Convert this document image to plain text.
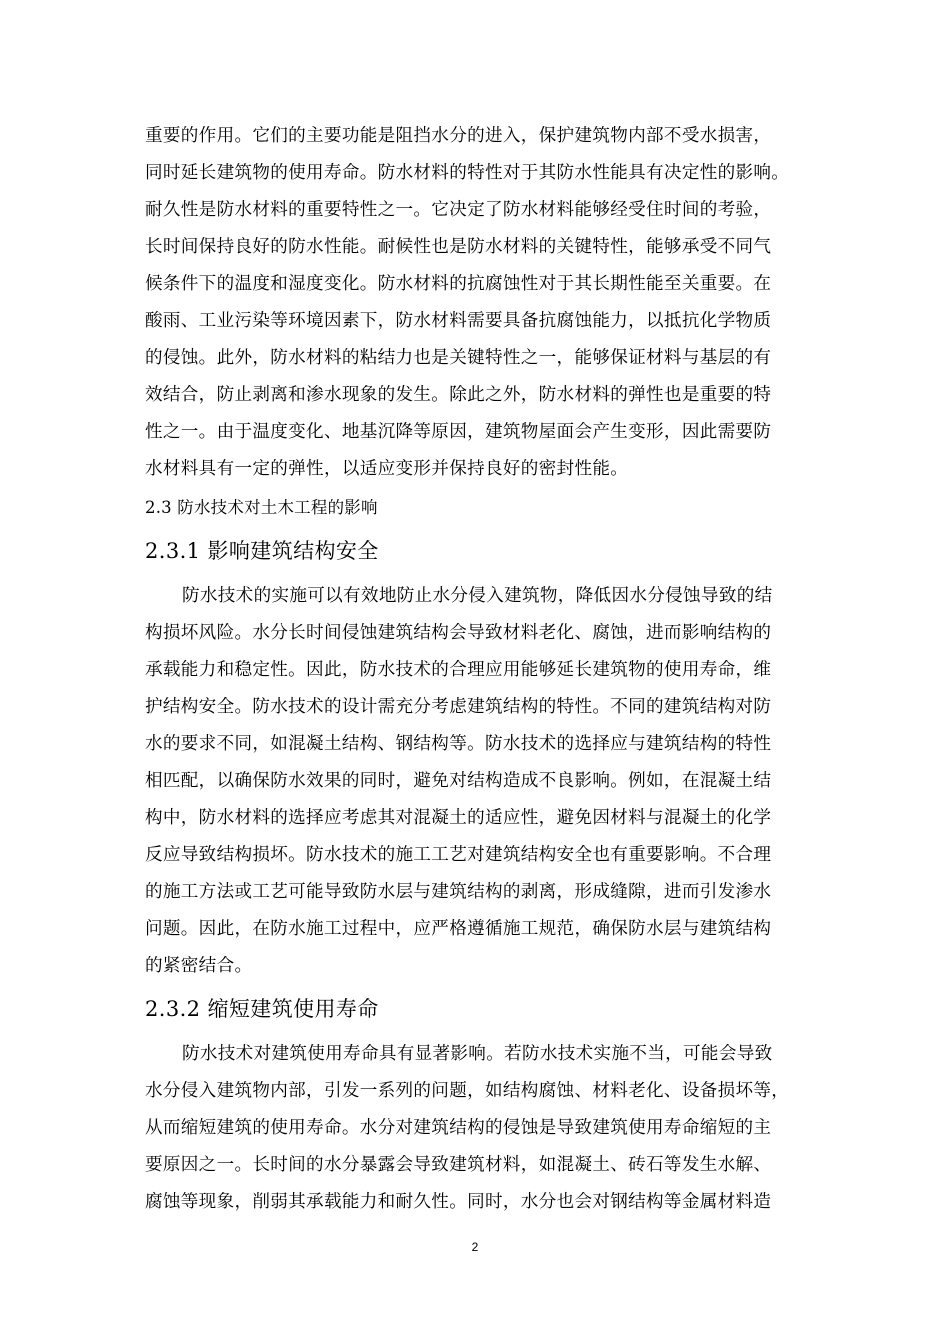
重要的作用。它们的主要功能是阻挡水分的进入，保护建筑物内部不受水损害，
同时延长建筑物的使用寿命。防水材料的特性对于其防水性能具有决定性的影响。
耐久性是防水材料的重要特性之一。它决定了防水材料能够经受住时间的考验，
长时间保持良好的防水性能。耐候性也是防水材料的关键特性，能够承受不同气
候条件下的温度和湿度变化。防水材料的抗腐蚀性对于其长期性能至关重要。在
酸雨、工业污染等环境因素下，防水材料需要具备抗腐蚀能力，以抵抗化学物质
的侵蚀。此外，防水材料的粘结力也是关键特性之一，能够保证材料与基层的有
效结合，防止剥离和渗水现象的发生。除此之外，防水材料的弹性也是重要的特
性之一。由于温度变化、地基沉降等原因，建筑物屋面会产生变形，因此需要防
水材料具有一定的弹性，以适应变形并保持良好的密封性能。
2.3 防水技术对土木工程的影响
2.3.1 影响建筑结构安全
防水技术的实施可以有效地防止水分侵入建筑物，降低因水分侵蚀导致的结
构损坏风险。水分长时间侵蚀建筑结构会导致材料老化、腐蚀，进而影响结构的
承载能力和稳定性。因此，防水技术的合理应用能够延长建筑物的使用寿命，维
护结构安全。防水技术的设计需充分考虑建筑结构的特性。不同的建筑结构对防
水的要求不同，如混凝土结构、钢结构等。防水技术的选择应与建筑结构的特性
相匹配，以确保防水效果的同时，避免对结构造成不良影响。例如，在混凝土结
构中，防水材料的选择应考虑其对混凝土的适应性，避免因材料与混凝土的化学
反应导致结构损坏。防水技术的施工工艺对建筑结构安全也有重要影响。不合理
的施工方法或工艺可能导致防水层与建筑结构的剥离，形成缝隙，进而引发渗水
问题。因此，在防水施工过程中，应严格遵循施工规范，确保防水层与建筑结构
的紧密结合。
2.3.2 缩短建筑使用寿命
防水技术对建筑使用寿命具有显著影响。若防水技术实施不当，可能会导致
水分侵入建筑物内部，引发一系列的问题，如结构腐蚀、材料老化、设备损坏等，
从而缩短建筑的使用寿命。水分对建筑结构的侵蚀是导致建筑使用寿命缩短的主
要原因之一。长时间的水分暴露会导致建筑材料，如混凝土、砖石等发生水解、
腐蚀等现象，削弱其承载能力和耐久性。同时，水分也会对钢结构等金属材料造
2
